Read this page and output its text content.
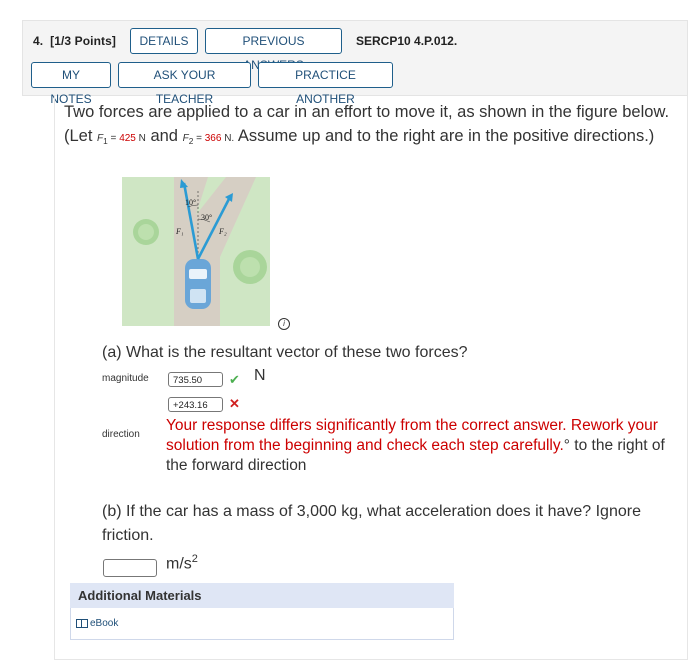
4. [1/3 Points]	DETAILS	PREVIOUS	SERCP10 4.P.012.
MY NOTES
ASK YOUR TEACHER
PRACTICE ANOTHER
Two forces are applied to a car in an effort to move it, as shown in the figure below. (Let $F_1 = 425$ N and $F_2 = 366$ N. Assume up and to the right are in the positive directions.)
10°
30°
F₁	F₂
i
(a) What is the resultant vector of these two forces?
magnitude	735.50	✔ N
+243.16	✕
direction
Your response differs significantly from the correct answer. Rework your solution from the beginning and check each step carefully.° to the right of the forward direction
(b) If the car has a mass of 3,000 kg, what acceleration does it have? Ignore friction.
$m/s^2$
Additional Materials
eBook
